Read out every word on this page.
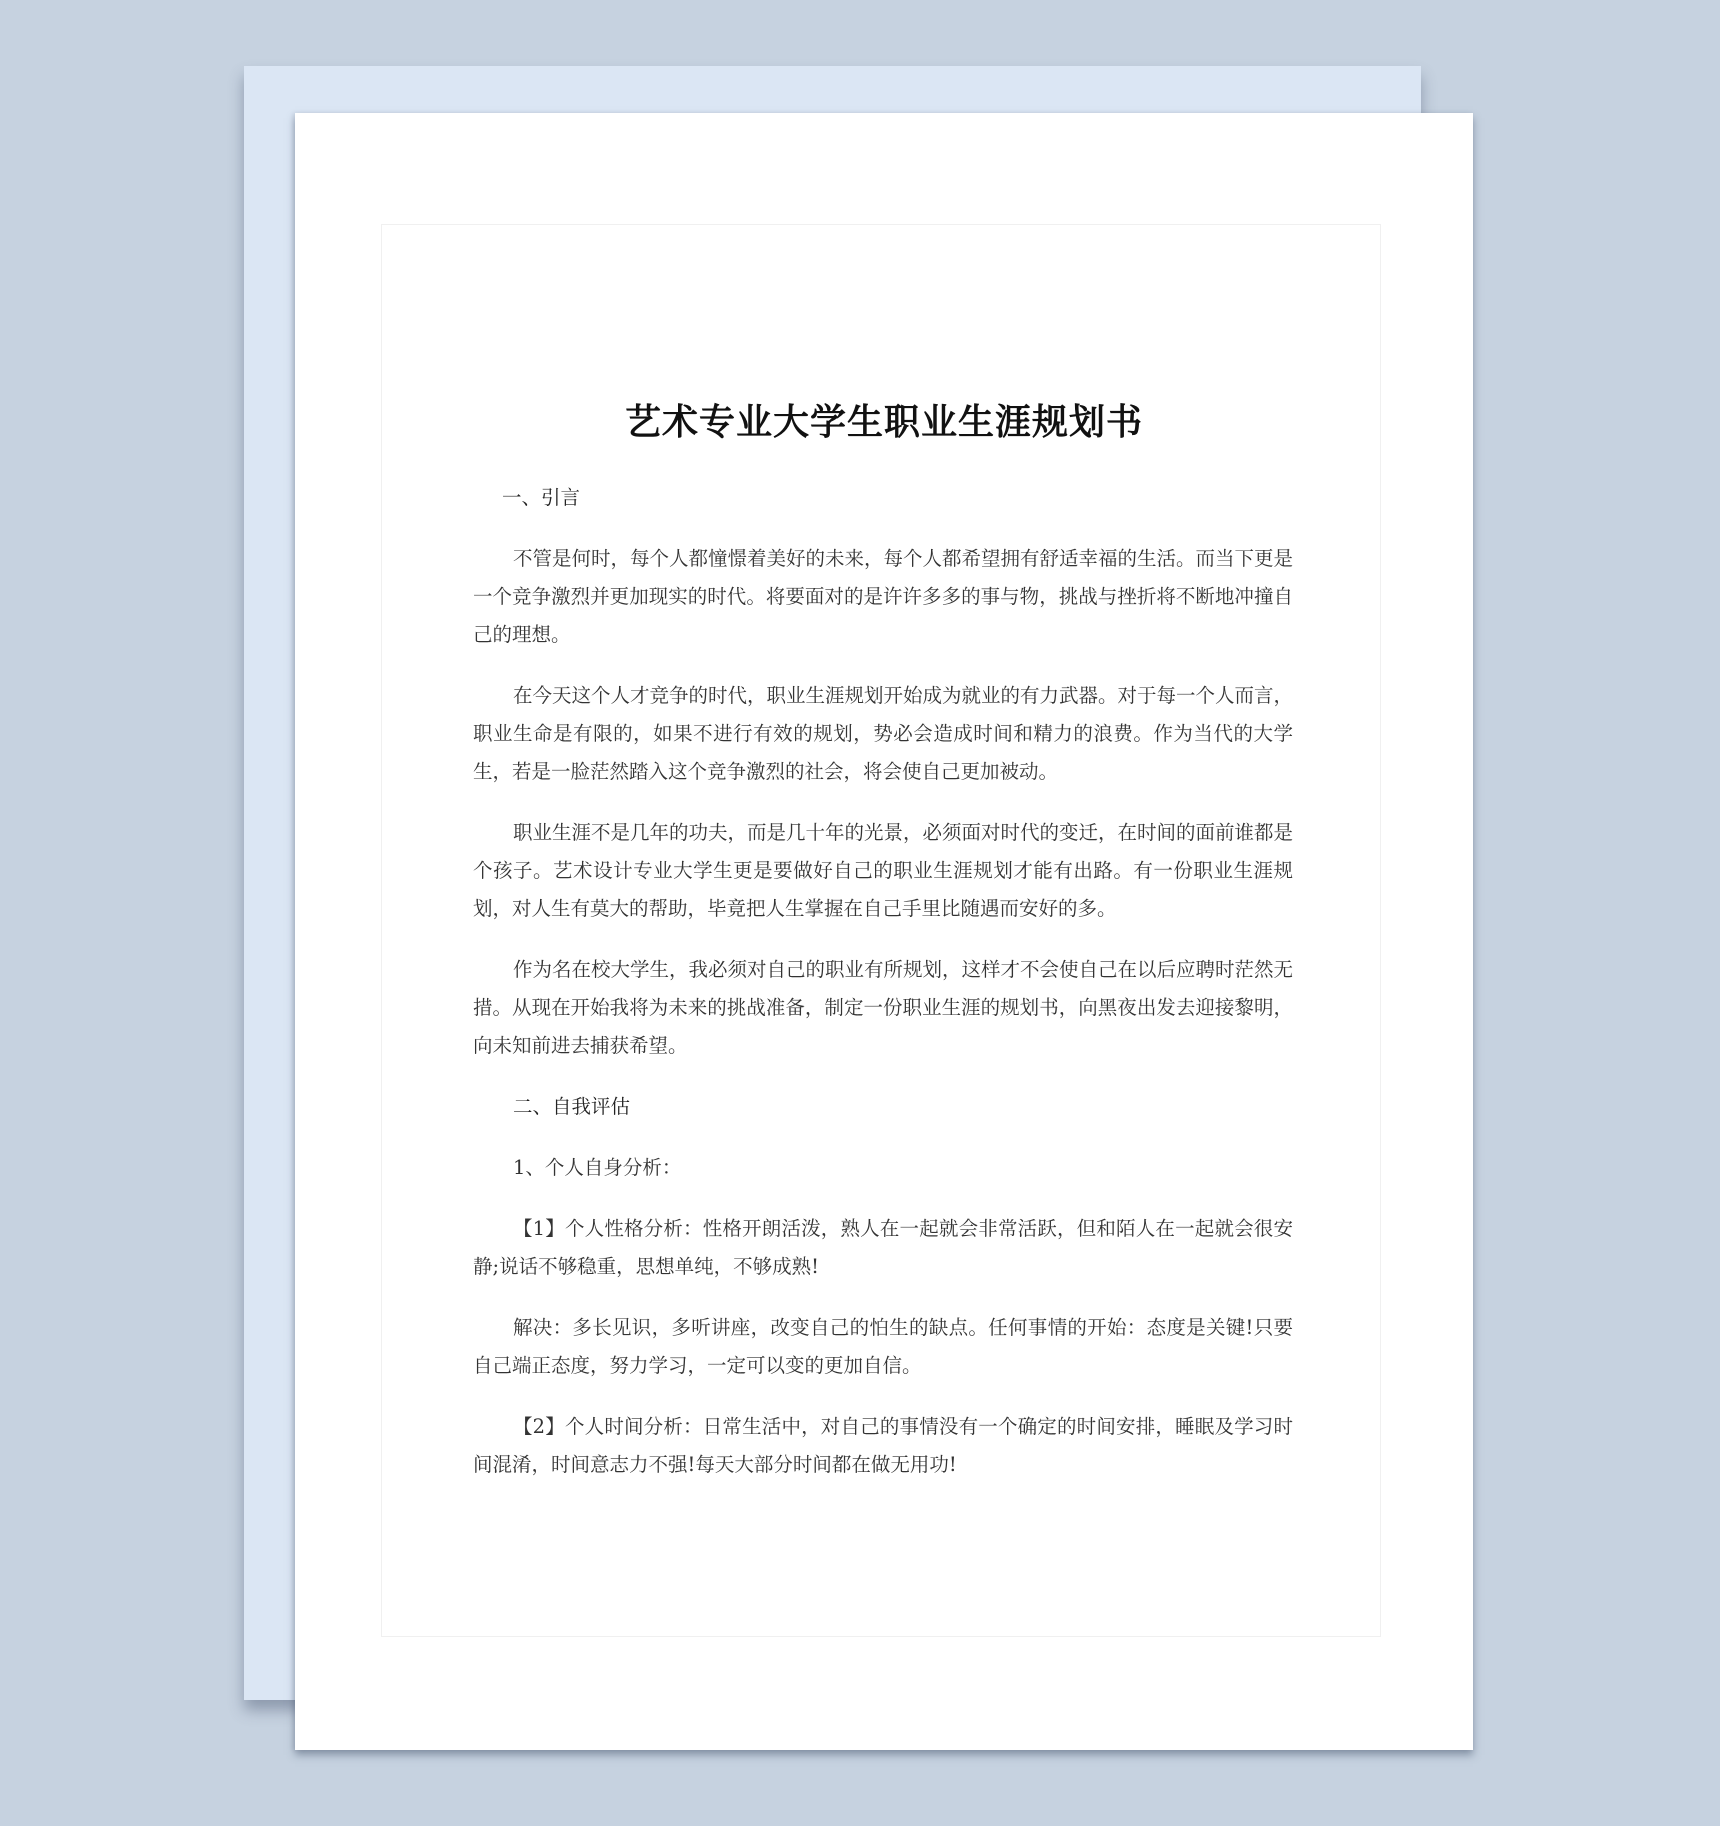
艺术专业大学生职业生涯规划书
一、引言

不管是何时，每个人都憧憬着美好的未来，每个人都希望拥有舒适幸福的生活。而当下更是一个竞争激烈并更加现实的时代。将要面对的是许许多多的事与物，挑战与挫折将不断地冲撞自己的理想。

在今天这个人才竞争的时代，职业生涯规划开始成为就业的有力武器。对于每一个人而言，职业生命是有限的，如果不进行有效的规划，势必会造成时间和精力的浪费。作为当代的大学生，若是一脸茫然踏入这个竞争激烈的社会，将会使自己更加被动。

职业生涯不是几年的功夫，而是几十年的光景，必须面对时代的变迁，在时间的面前谁都是个孩子。艺术设计专业大学生更是要做好自己的职业生涯规划才能有出路。有一份职业生涯规划，对人生有莫大的帮助，毕竟把人生掌握在自己手里比随遇而安好的多。

作为名在校大学生，我必须对自己的职业有所规划，这样才不会使自己在以后应聘时茫然无措。从现在开始我将为未来的挑战准备，制定一份职业生涯的规划书，向黑夜出发去迎接黎明，向未知前进去捕获希望。

二、自我评估
1、个人自身分析：

【1】个人性格分析：性格开朗活泼，熟人在一起就会非常活跃，但和陌人在一起就会很安静;说话不够稳重，思想单纯，不够成熟!

解决：多长见识，多听讲座，改变自己的怕生的缺点。任何事情的开始：态度是关键!只要自己端正态度，努力学习，一定可以变的更加自信。

【2】个人时间分析：日常生活中，对自己的事情没有一个确定的时间安排，睡眠及学习时间混淆，时间意志力不强!每天大部分时间都在做无用功!
